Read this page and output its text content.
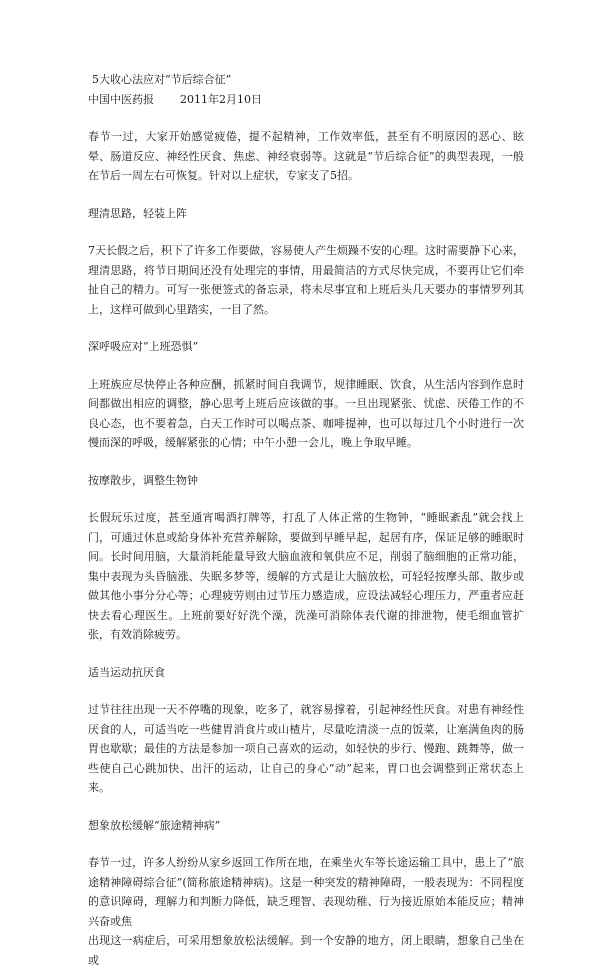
5大收心法应对“节后综合征”
中国中医药报 2011年2月10日

春节一过，大家开始感觉疲倦，提不起精神，工作效率低，甚至有不明原因的恶心、眩晕、肠道反应、神经性厌食、焦虑、神经衰弱等。这就是“节后综合征”的典型表现，一般在节后一周左右可恢复。针对以上症状，专家支了5招。

理清思路，轻装上阵

7天长假之后，积下了许多工作要做，容易使人产生烦躁不安的心理。这时需要静下心来，理清思路，将节日期间还没有处理完的事情，用最简洁的方式尽快完成，不要再让它们牵扯自己的精力。可写一张便签式的备忘录，将未尽事宜和上班后头几天要办的事情罗列其上，这样可做到心里踏实，一目了然。

深呼吸应对“上班恐惧”

上班族应尽快停止各种应酬，抓紧时间自我调节，规律睡眠、饮食，从生活内容到作息时间都做出相应的调整，静心思考上班后应该做的事。一旦出现紧张、忧虑、厌倦工作的不良心态，也不要着急，白天工作时可以喝点茶、咖啡提神，也可以每过几个小时进行一次慢而深的呼吸，缓解紧张的心情；中午小憩一会儿，晚上争取早睡。

按摩散步，调整生物钟

长假玩乐过度，甚至通宵喝酒打牌等，打乱了人体正常的生物钟，“睡眠紊乱”就会找上门，可通过休息或給身体补充营养解除，要做到早睡早起，起居有序，保证足够的睡眠时间。长时间用脑，大量消耗能量导致大脑血液和氧供应不足，削弱了脑细胞的正常功能，集中表现为头昏脑涨、失眠多梦等，缓解的方式是让大脑放松，可轻轻按摩头部、散步或做其他小事分分心等；心理疲劳则由过节压力感造成，应设法减轻心理压力，严重者应赶快去看心理医生。上班前要好好洗个澡，洗澡可消除体表代谢的排泄物，使毛细血管扩张，有效消除疲劳。

适当运动抗厌食

过节往往出现一天不停嘴的现象，吃多了，就容易撑着，引起神经性厌食。对患有神经性厌食的人，可适当吃一些健胃消食片或山楂片，尽量吃清淡一点的饭菜，让塞满鱼肉的肠胃也歇歇；最佳的方法是参加一项自己喜欢的运动，如轻快的步行、慢跑、跳舞等，做一些使自己心跳加快、出汗的运动，让自己的身心“动”起来，胃口也会调整到正常状态上来。

想象放松缓解“旅途精神病”

春节一过，许多人纷纷从家乡返回工作所在地，在乘坐火车等长途运输工具中，患上了“旅途精神障碍综合征”(简称旅途精神病)。这是一种突发的精神障碍，一般表现为：不同程度的意识障碍，理解力和判断力降低，缺乏理智、表现幼稚、行为接近原始本能反应；精神兴奋或焦

出现这一病症后，可采用想象放松法缓解。到一个安静的地方，闭上眼睛，想象自己坐在或
